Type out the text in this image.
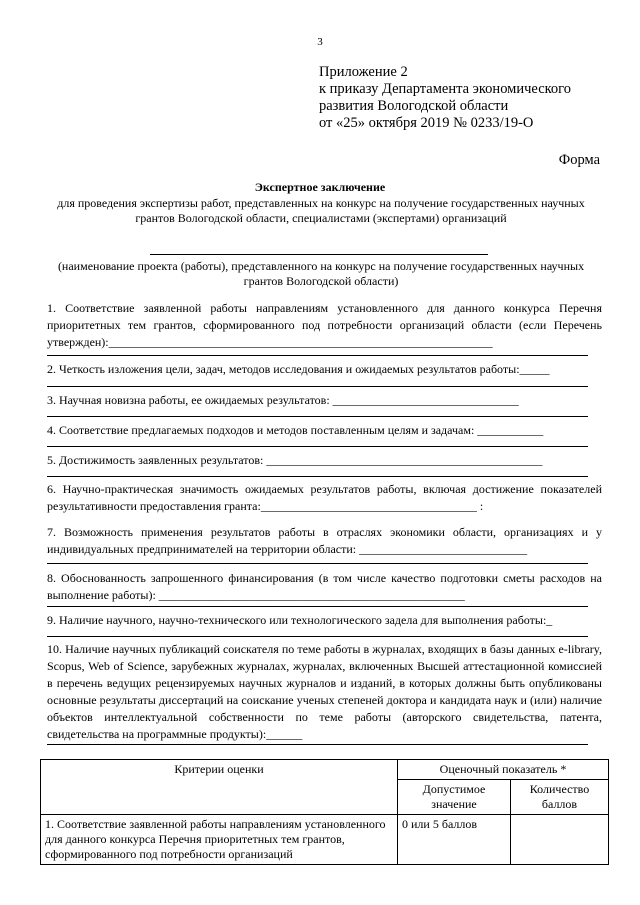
3
Приложение 2
к приказу Департамента экономического
развития Вологодской области
от «25» октября 2019 № 0233/19-О
Форма
Экспертное заключение
для проведения экспертизы работ, представленных на конкурс на получение государственных научных грантов Вологодской области, специалистами (экспертами) организаций
(наименование проекта (работы), представленного на конкурс на получение государственных научных грантов Вологодской области)
1. Соответствие заявленной работы направлениям установленного для данного конкурса Перечня приоритетных тем грантов, сформированного под потребности организаций области (если Перечень утвержден):________________________________________________________________
2. Четкость изложения цели, задач, методов исследования и ожидаемых результатов работы:_____
3. Научная новизна работы, ее ожидаемых результатов: _______________________________
4. Соответствие предлагаемых подходов и методов поставленным целям и задачам: ___________
5. Достижимость заявленных результатов: ______________________________________________
6. Научно-практическая значимость ожидаемых результатов работы, включая достижение показателей результативности предоставления гранта:____________________________________ :
7. Возможность применения результатов работы в отраслях экономики области, организациях и у индивидуальных предпринимателей на территории области: ____________________________
8. Обоснованность запрошенного финансирования (в том числе качество подготовки сметы расходов на выполнение работы): ___________________________________________________
9. Наличие научного, научно-технического или технологического задела для выполнения работы:_
10. Наличие научных публикаций соискателя по теме работы в журналах, входящих в базы данных e-library, Scopus, Web of Science, зарубежных журналах, журналах, включенных Высшей аттестационной комиссией в перечень ведущих рецензируемых научных журналов и изданий, в которых должны быть опубликованы основные результаты диссертаций на соискание ученых степеней доктора и кандидата наук и (или) наличие объектов интеллектуальной собственности по теме работы (авторского свидетельства, патента, свидетельства на программные продукты):______
Критерии оценки	Оценочный показатель *	
	Допустимое значение	Количество баллов
1. Соответствие заявленной работы направлениям установленного для данного конкурса Перечня приоритетных тем грантов, сформированного под потребности организаций	0 или 5 баллов	
